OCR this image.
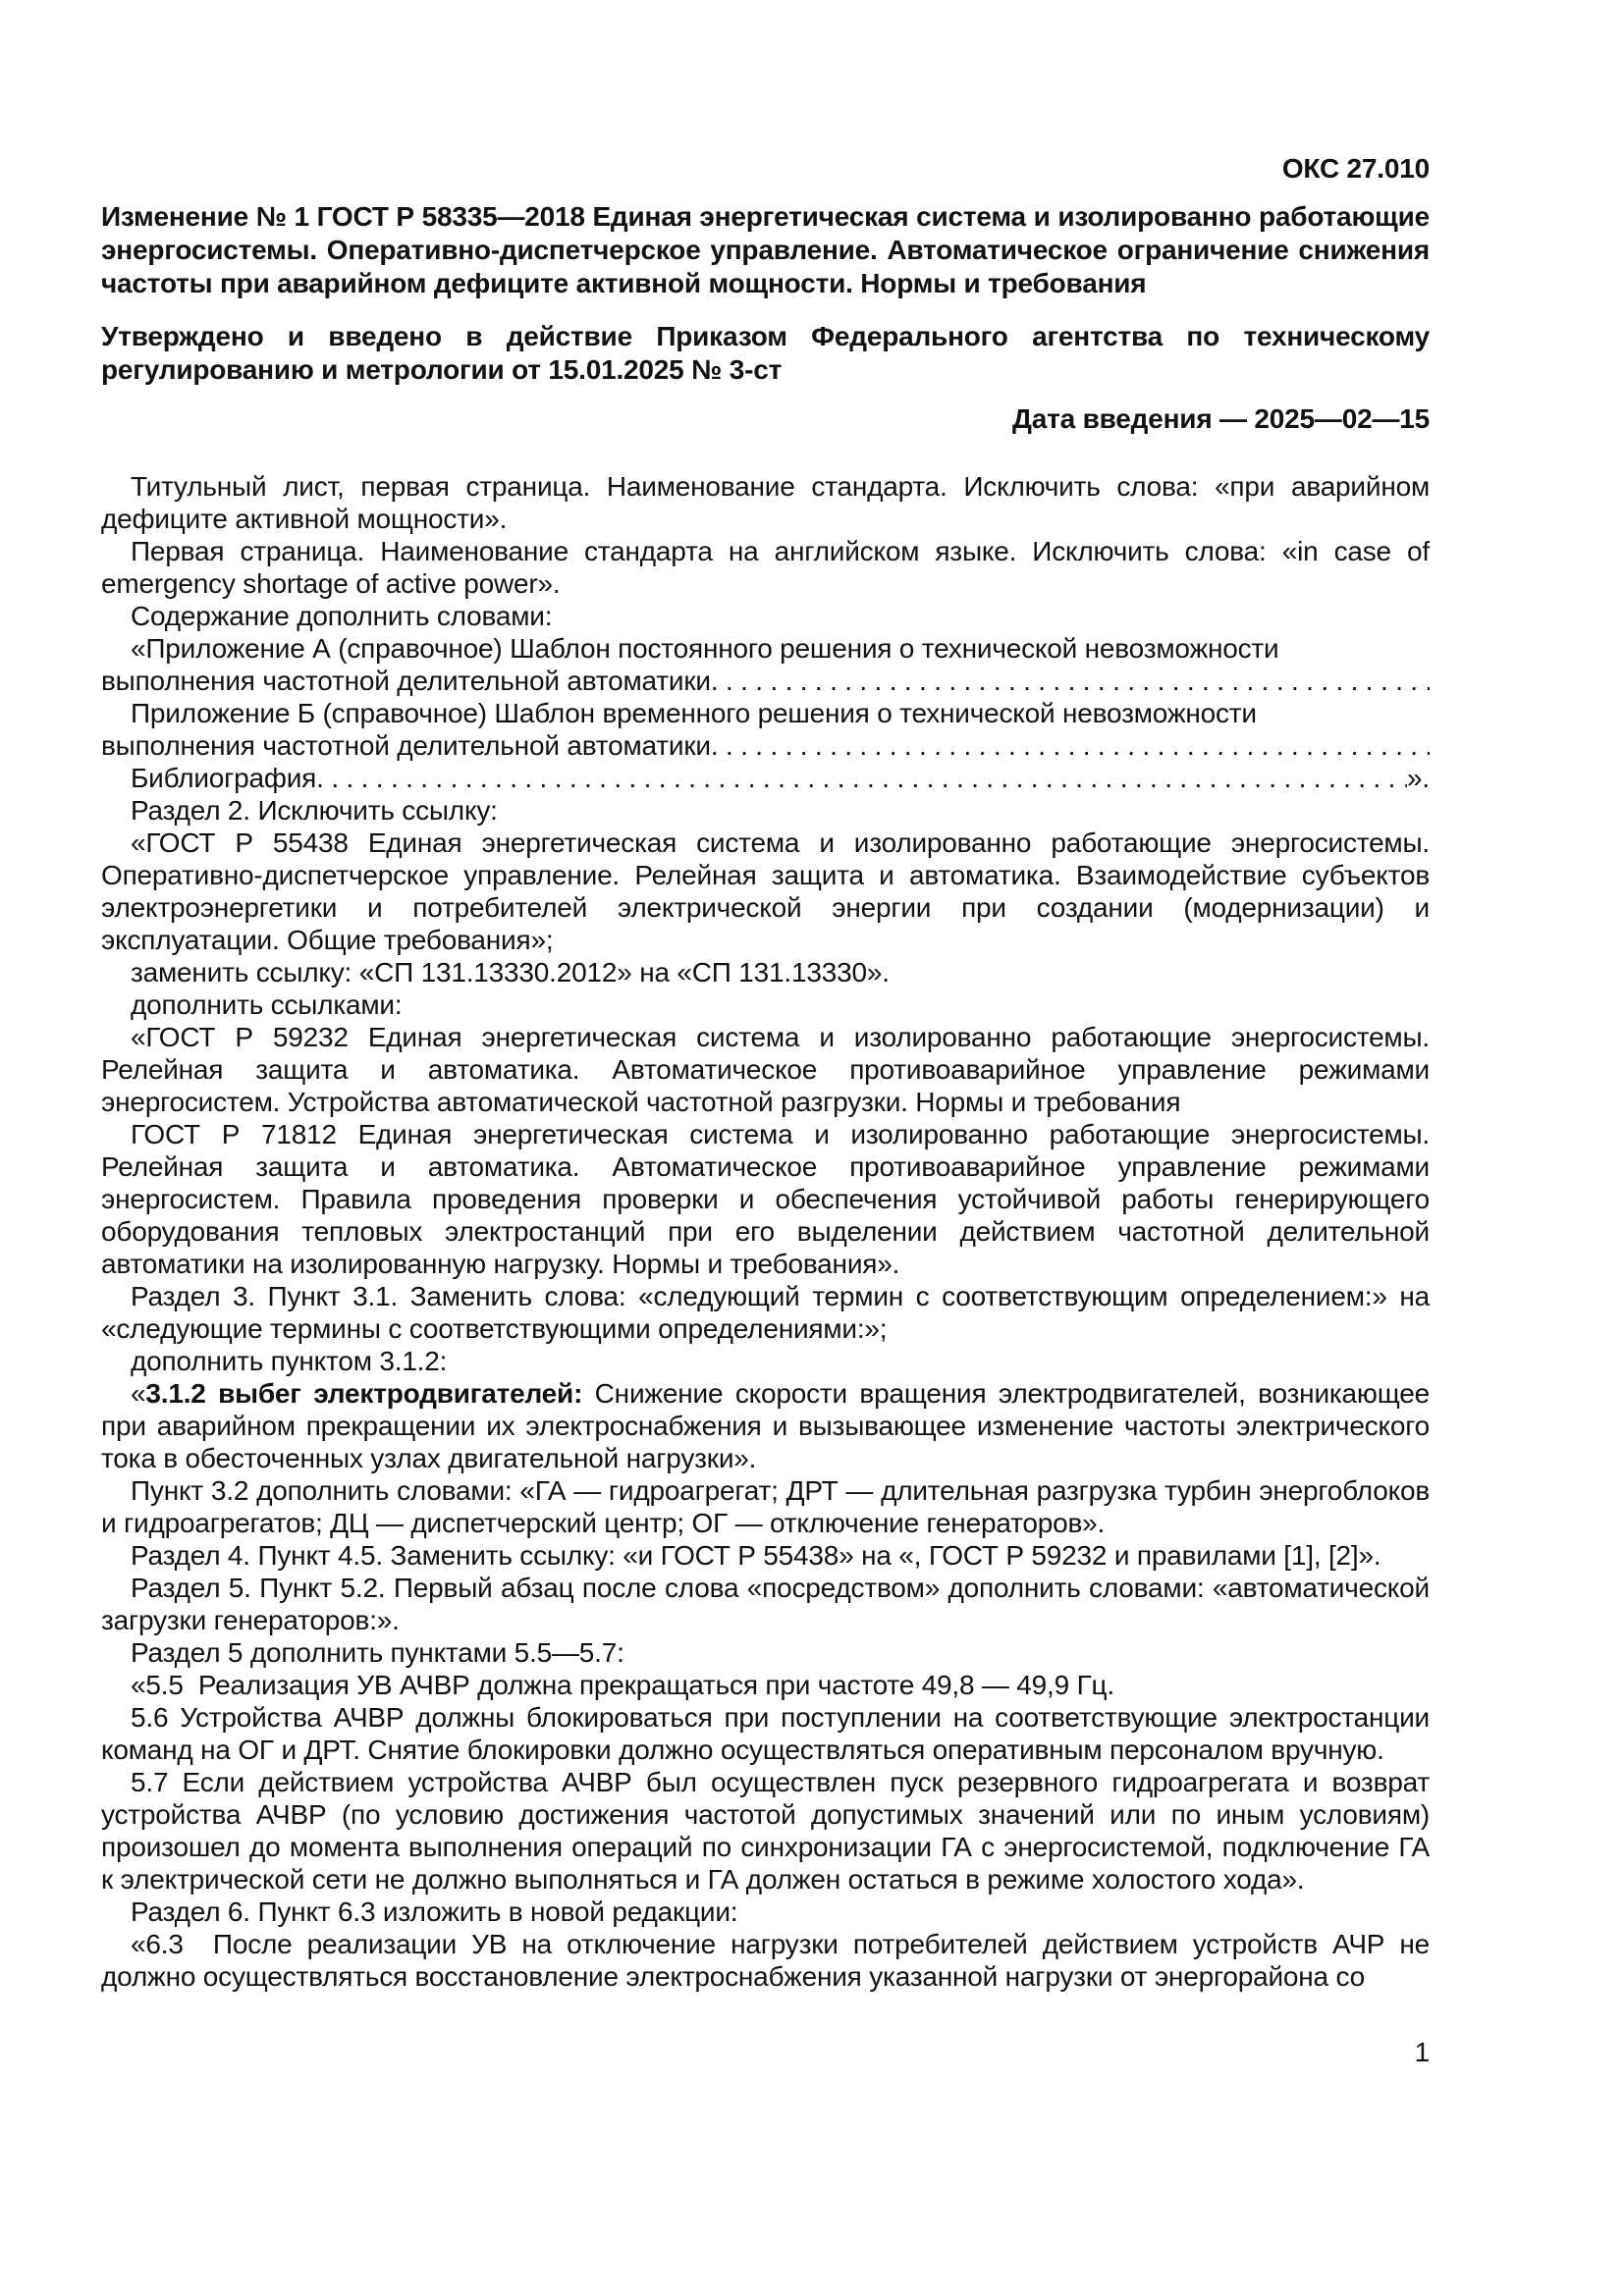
ОКС 27.010

Изменение № 1 ГОСТ Р 58335—2018 Единая энергетическая система и изолированно работающие энергосистемы. Оперативно-диспетчерское управление. Автоматическое ограничение снижения частоты при аварийном дефиците активной мощности. Нормы и требования

Утверждено и введено в действие Приказом Федерального агентства по техническому регулированию и метрологии от 15.01.2025 № 3-ст

Дата введения — 2025—02—15

Титульный лист, первая страница. Наименование стандарта. Исключить слова: «при аварийном дефиците активной мощности».

Первая страница. Наименование стандарта на английском языке. Исключить слова: «in case of emergency shortage of active power».

Содержание дополнить словами:

«Приложение А (справочное) Шаблон постоянного решения о технической невозможности

выполнения частотной делительной автоматики
. . .

Приложение Б (справочное) Шаблон временного решения о технической невозможности

выполнения частотной делительной автоматики
. . .

Библиография . . .	».

Раздел 2. Исключить ссылку:

«ГОСТ Р 55438 Единая энергетическая система и изолированно работающие энергосистемы. Оперативно-диспетчерское управление. Релейная защита и автоматика. Взаимодействие субъектов электроэнергетики и потребителей электрической энергии при создании (модернизации) и эксплуатации. Общие требования»;

заменить ссылку: «СП 131.13330.2012» на «СП 131.13330».

дополнить ссылками:

«ГОСТ Р 59232 Единая энергетическая система и изолированно работающие энергосистемы. Релейная защита и автоматика. Автоматическое противоаварийное управление режимами энергосистем. Устройства автоматической частотной разгрузки. Нормы и требования

ГОСТ Р 71812 Единая энергетическая система и изолированно работающие энергосистемы. Релейная защита и автоматика. Автоматическое противоаварийное управление режимами энергосистем. Правила проведения проверки и обеспечения устойчивой работы генерирующего оборудования тепловых электростанций при его выделении действием частотной делительной автоматики на изолированную нагрузку. Нормы и требования».

Раздел 3. Пункт 3.1. Заменить слова: «следующий термин с соответствующим определением:» на «следующие термины с соответствующими определениями:»;

дополнить пунктом 3.1.2:

«3.1.2 выбег электродвигателей: Снижение скорости вращения электродвигателей, возникающее при аварийном прекращении их электроснабжения и вызывающее изменение частоты электрического тока в обесточенных узлах двигательной нагрузки».

Пункт 3.2 дополнить словами: «ГА — гидроагрегат; ДРТ — длительная разгрузка турбин энергоблоков и гидроагрегатов; ДЦ — диспетчерский центр; ОГ — отключение генераторов».

Раздел 4. Пункт 4.5. Заменить ссылку: «и ГОСТ Р 55438» на «, ГОСТ Р 59232 и правилами [1], [2]».

Раздел 5. Пункт 5.2. Первый абзац после слова «посредством» дополнить словами: «автоматической загрузки генераторов:».

Раздел 5 дополнить пунктами 5.5—5.7:

«5.5  Реализация УВ АЧВР должна прекращаться при частоте 49,8 — 49,9 Гц.

5.6 Устройства АЧВР должны блокироваться при поступлении на соответствующие электростанции команд на ОГ и ДРТ. Снятие блокировки должно осуществляться оперативным персоналом вручную.

5.7 Если действием устройства АЧВР был осуществлен пуск резервного гидроагрегата и возврат устройства АЧВР (по условию достижения частотой допустимых значений или по иным условиям) произошел до момента выполнения операций по синхронизации ГА с энергосистемой, подключение ГА к электрической сети не должно выполняться и ГА должен остаться в режиме холостого хода».

Раздел 6. Пункт 6.3 изложить в новой редакции:

«6.3  После реализации УВ на отключение нагрузки потребителей действием устройств АЧР не должно осуществляться восстановление электроснабжения указанной нагрузки от энергорайона со

1
